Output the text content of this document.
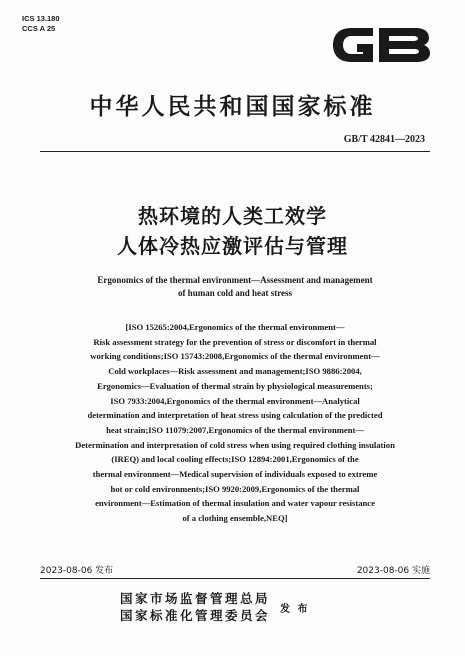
ICS 13.180
CCS A 25
中华人民共和国国家标准
GB/T 42841—2023
热环境的人类工效学
人体冷热应激评估与管理
Ergonomics of the thermal environment—Assessment and management
of human cold and heat stress
[ISO 15265:2004,Ergonomics of the thermal environment—
Risk assessment strategy for the prevention of stress or discomfort in thermal
working conditions;ISO 15743:2008,Ergonomics of the thermal environment—
Cold workplaces—Risk assessment and management;ISO 9886:2004,
Ergonomics—Evaluation of thermal strain by physiological measurements;
ISO 7933:2004,Ergonomics of the thermal environment—Analytical
determination and interpretation of heat stress using calculation of the predicted
heat strain;ISO 11079:2007,Ergonomics of the thermal environment—
Determination and interpretation of cold stress when using required clothing insulation
(IREQ) and local cooling effects;ISO 12894:2001,Ergonomics of the
thermal environment—Medical supervision of individuals exposed to extreme
hot or cold environments;ISO 9920:2009,Ergonomics of the thermal
environment—Estimation of thermal insulation and water vapour resistance
of a clothing ensemble,NEQ]
2023-08-06 发布	2023-08-06 实施
国家市场监督管理总局
国家标准化管理委员会 发 布
